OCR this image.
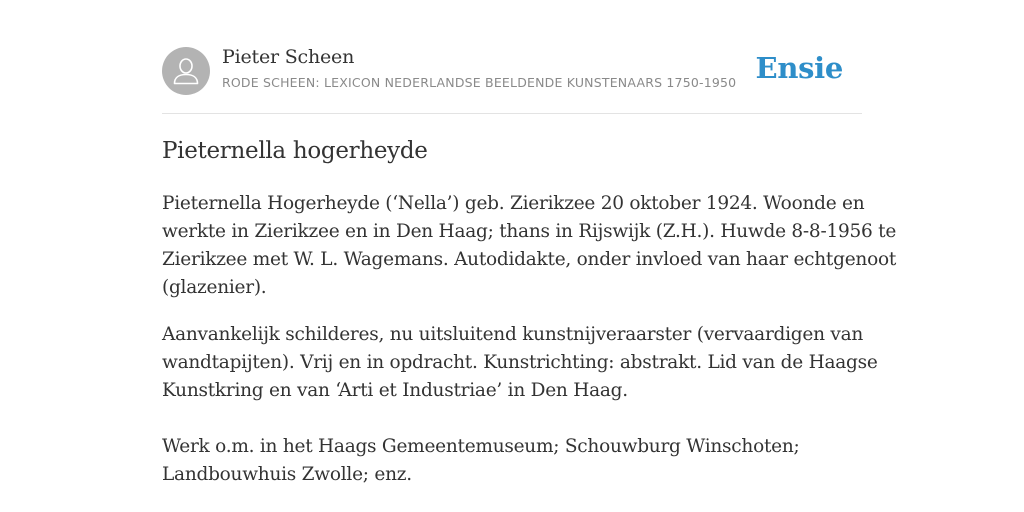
Pieter Scheen
RODE SCHEEN: LEXICON NEDERLANDSE BEELDENDE KUNSTENAARS 1750-1950 Ensie
Pieternella hogerheyde

Pieternella Hogerheyde (‘Nella’) geb. Zierikzee 20 oktober 1924. Woonde en
werkte in Zierikzee en in Den Haag; thans in Rijswijk (Z.H.). Huwde 8-8-1956 te
Zierikzee met W. L. Wagemans. Autodidakte, onder invloed van haar echtgenoot
(glazenier).

Aanvankelijk schilderes, nu uitsluitend kunstnijveraarster (vervaardigen van
wandtapijten). Vrij en in opdracht. Kunstrichting: abstrakt. Lid van de Haagse
Kunstkring en van ‘Arti et Industriae’ in Den Haag.

Werk o.m. in het Haags Gemeentemuseum; Schouwburg Winschoten;
Landbouwhuis Zwolle; enz.
